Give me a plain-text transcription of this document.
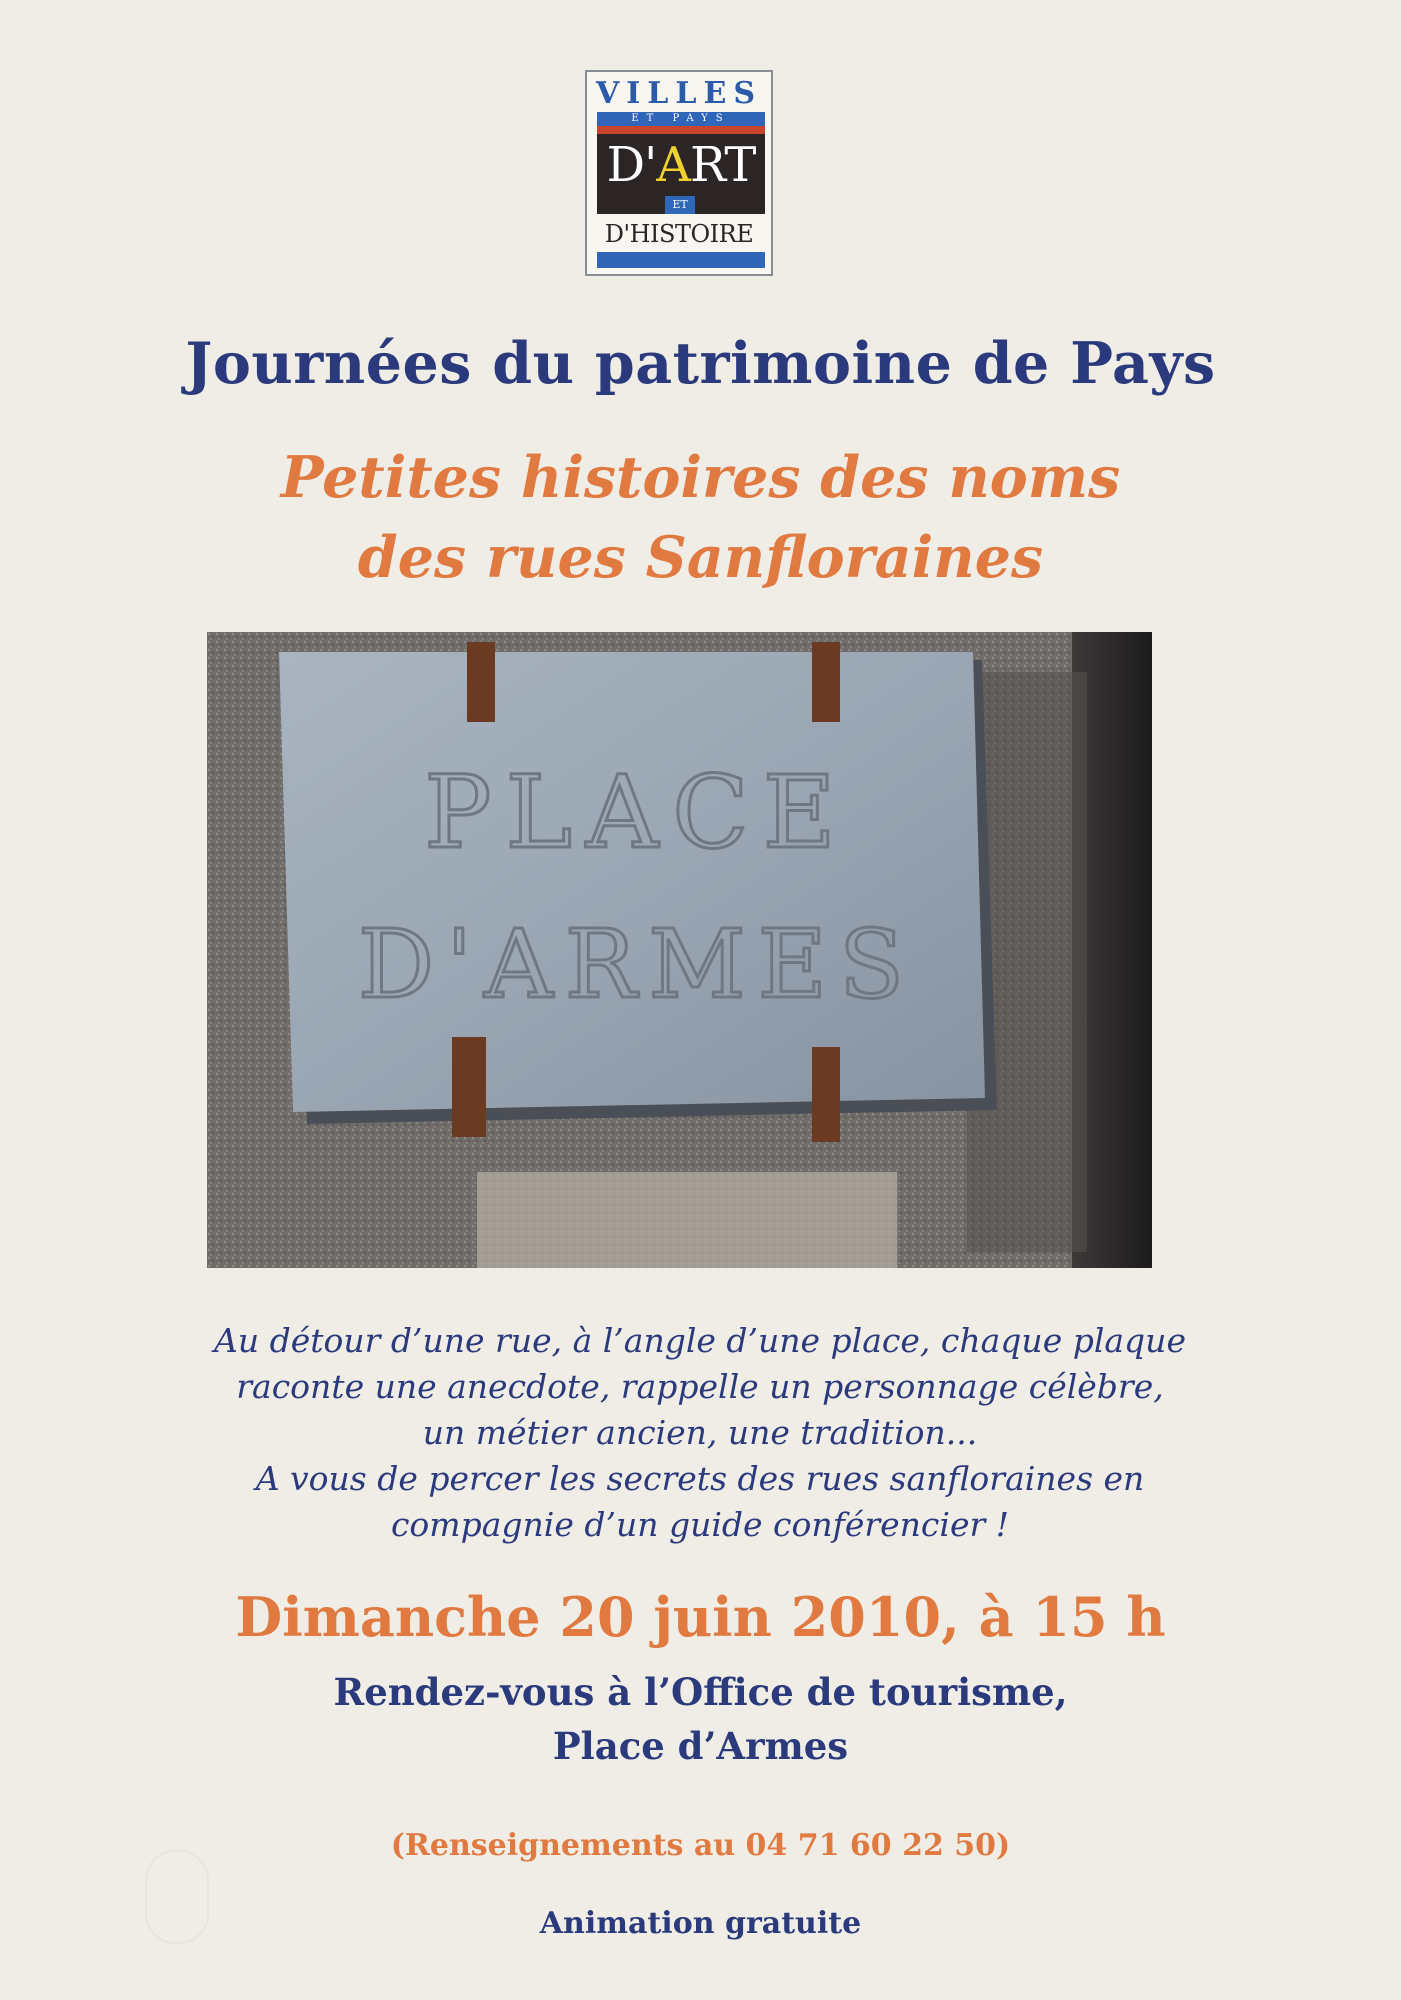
VILLES
ET PAYS
D'ART
ET
D'HISTOIRE
Journées du patrimoine de Pays
Petites histoires des noms
des rues Sanfloraines
PLACE
D'ARMES
Au détour d’une rue, à l’angle d’une place, chaque plaque
raconte une anecdote, rappelle un personnage célèbre,
un métier ancien, une tradition...
A vous de percer les secrets des rues sanfloraines en
compagnie d’un guide conférencier !
Dimanche 20 juin 2010, à 15 h
Rendez-vous à l’Office de tourisme,
Place d’Armes
(Renseignements au 04 71 60 22 50)
Animation gratuite
